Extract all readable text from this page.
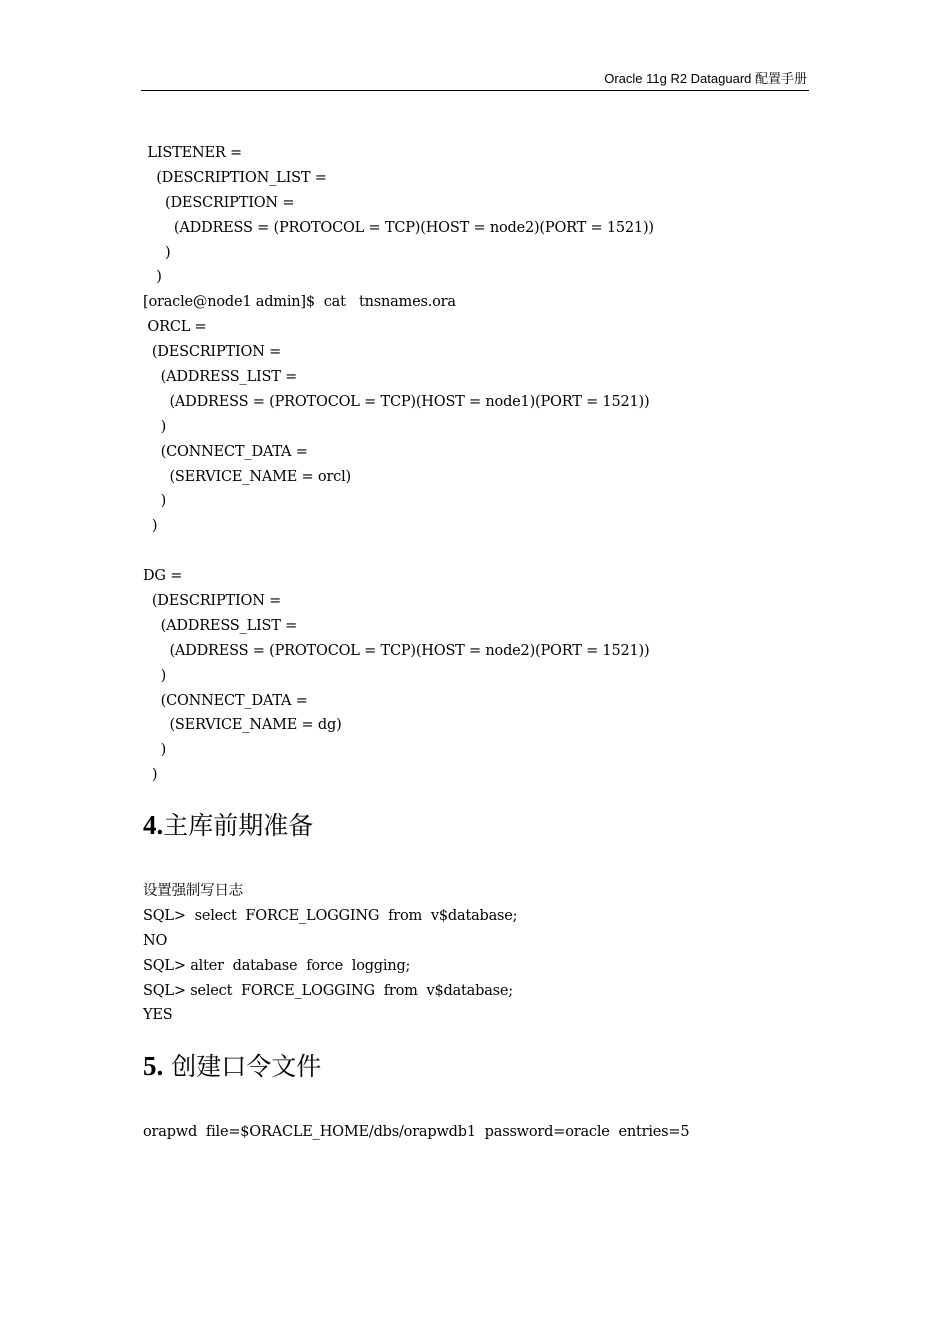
Oracle 11g R2 Dataguard 配置手册
LISTENER =
(DESCRIPTION_LIST =
(DESCRIPTION =
(ADDRESS = (PROTOCOL = TCP)(HOST = node2)(PORT = 1521))
)
)
[oracle@node1 admin]$  cat   tnsnames.ora
ORCL =
(DESCRIPTION =
(ADDRESS_LIST =
(ADDRESS = (PROTOCOL = TCP)(HOST = node1)(PORT = 1521))
)
(CONNECT_DATA =
(SERVICE_NAME = orcl)
)
)
DG =
(DESCRIPTION =
(ADDRESS_LIST =
(ADDRESS = (PROTOCOL = TCP)(HOST = node2)(PORT = 1521))
)
(CONNECT_DATA =
(SERVICE_NAME = dg)
)
)
4.主库前期准备
设置强制写日志
SQL>  select  FORCE_LOGGING  from  v$database;
NO
SQL> alter  database  force  logging;
SQL> select  FORCE_LOGGING  from  v$database;
YES
5. 创建口令文件
orapwd  file=$ORACLE_HOME/dbs/orapwdb1  password=oracle  entries=5
